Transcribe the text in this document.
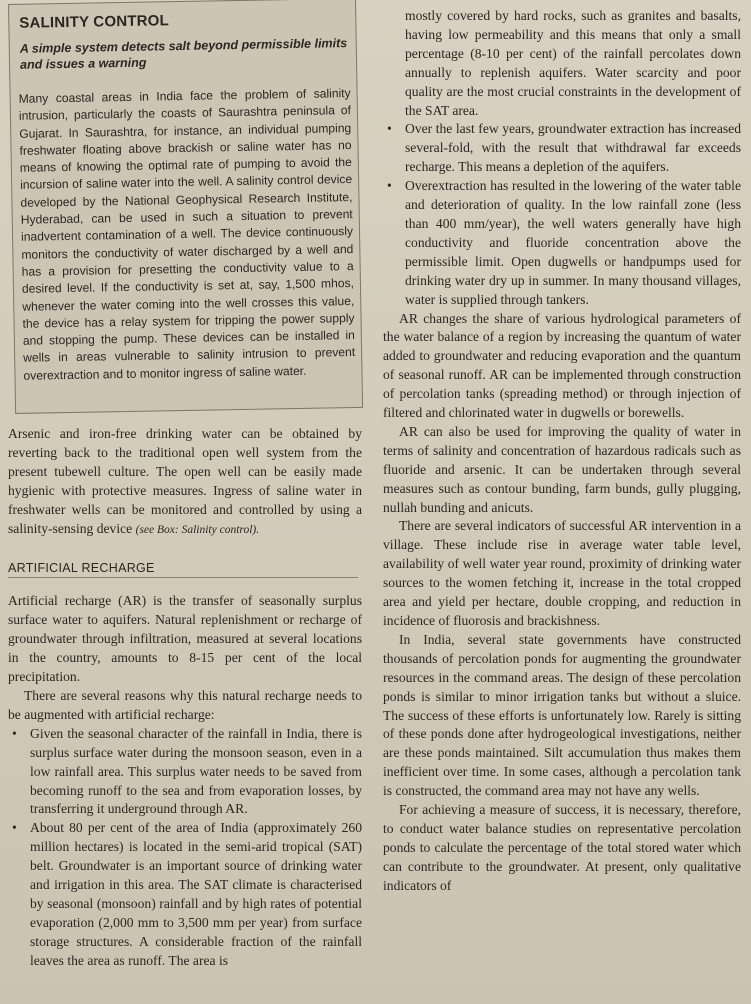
SALINITY CONTROL
A simple system detects salt beyond permissible limits and issues a warning

Many coastal areas in India face the problem of salinity intrusion, particularly the coasts of Saurashtra peninsula of Gujarat. In Saurashtra, for instance, an individual pumping freshwater floating above brackish or saline water has no means of knowing the optimal rate of pumping to avoid the incursion of saline water into the well. A salinity control device developed by the National Geophysical Research Institute, Hyderabad, can be used in such a situation to prevent inadvertent contamination of a well. The device continuously monitors the conductivity of water discharged by a well and has a provision for presetting the conductivity value to a desired level. If the conductivity is set at, say, 1,500 mhos, whenever the water coming into the well crosses this value, the device has a relay system for tripping the power supply and stopping the pump. These devices can be installed in wells in areas vulnerable to salinity intrusion to prevent overextraction and to monitor ingress of saline water.

Arsenic and iron-free drinking water can be obtained by reverting back to the traditional open well system from the present tubewell culture. The open well can be easily made hygienic with protective measures. Ingress of saline water in freshwater wells can be monitored and controlled by using a salinity-sensing device (see Box: Salinity control).

ARTIFICIAL RECHARGE

Artificial recharge (AR) is the transfer of seasonally surplus surface water to aquifers. Natural replenishment or recharge of groundwater through infiltration, measured at several locations in the country, amounts to 8-15 per cent of the local precipitation.

There are several reasons why this natural recharge needs to be augmented with artificial recharge:

• Given the seasonal character of the rainfall in India, there is surplus surface water during the monsoon season, even in a low rainfall area. This surplus water needs to be saved from becoming runoff to the sea and from evaporation losses, by transferring it underground through AR.
• About 80 per cent of the area of India (approximately 260 million hectares) is located in the semi-arid tropical (SAT) belt. Groundwater is an important source of drinking water and irrigation in this area. The SAT climate is characterised by seasonal (monsoon) rainfall and by high rates of potential evaporation (2,000 mm to 3,500 mm per year) from surface storage structures. A considerable fraction of the rainfall leaves the area as runoff. The area is

mostly covered by hard rocks, such as granites and basalts, having low permeability and this means that only a small percentage (8-10 per cent) of the rainfall percolates down annually to replenish aquifers. Water scarcity and poor quality are the most crucial constraints in the development of the SAT area.

• Over the last few years, groundwater extraction has increased several-fold, with the result that withdrawal far exceeds recharge. This means a depletion of the aquifers.
• Overextraction has resulted in the lowering of the water table and deterioration of quality. In the low rainfall zone (less than 400 mm/year), the well waters generally have high conductivity and fluoride concentration above the permissible limit. Open dugwells or handpumps used for drinking water dry up in summer. In many thousand villages, water is supplied through tankers.

AR changes the share of various hydrological parameters of the water balance of a region by increasing the quantum of water added to groundwater and reducing evaporation and the quantum of seasonal runoff. AR can be implemented through construction of percolation tanks (spreading method) or through injection of filtered and chlorinated water in dugwells or borewells.

AR can also be used for improving the quality of water in terms of salinity and concentration of hazardous radicals such as fluoride and arsenic. It can be undertaken through several measures such as contour bunding, farm bunds, gully plugging, nullah bunding and anicuts.

There are several indicators of successful AR intervention in a village. These include rise in average water table level, availability of well water year round, proximity of drinking water sources to the women fetching it, increase in the total cropped area and yield per hectare, double cropping, and reduction in incidence of fluorosis and brackishness.

In India, several state governments have constructed thousands of percolation ponds for augmenting the groundwater resources in the command areas. The design of these percolation ponds is similar to minor irrigation tanks but without a sluice. The success of these efforts is unfortunately low. Rarely is sitting of these ponds done after hydrogeological investigations, neither are these ponds maintained. Silt accumulation thus makes them inefficient over time. In some cases, although a percolation tank is constructed, the command area may not have any wells.

For achieving a measure of success, it is necessary, therefore, to conduct water balance studies on representative percolation ponds to calculate the percentage of the total stored water which can contribute to the groundwater. At present, only qualitative indicators of
